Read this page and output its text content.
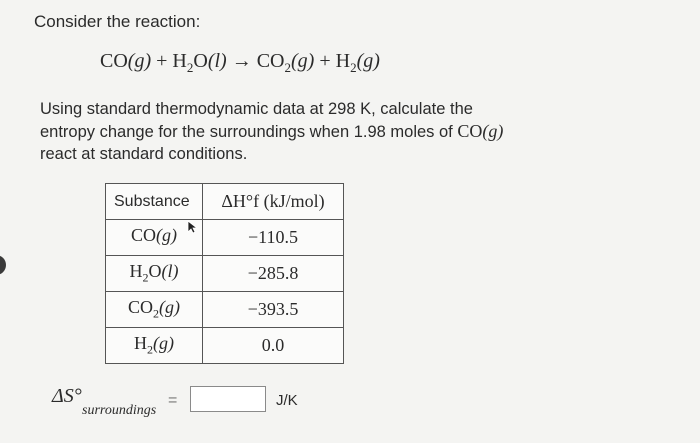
Consider the reaction:
$CO(g) + H_2O(l) \to CO_2(g) + H_2(g)$
Using standard thermodynamic data at 298 K, calculate the
entropy change for the surroundings when 1.98 moles of CO(g)
react at standard conditions.
Substance	ΔH°f (kJ/mol)
CO(g)	−110.5
$H_2O(l)$	−285.8
$CO_2(g)$	−393.5
$H_2(g)$	0.0
ΔS°
surroundings
=	J/K
